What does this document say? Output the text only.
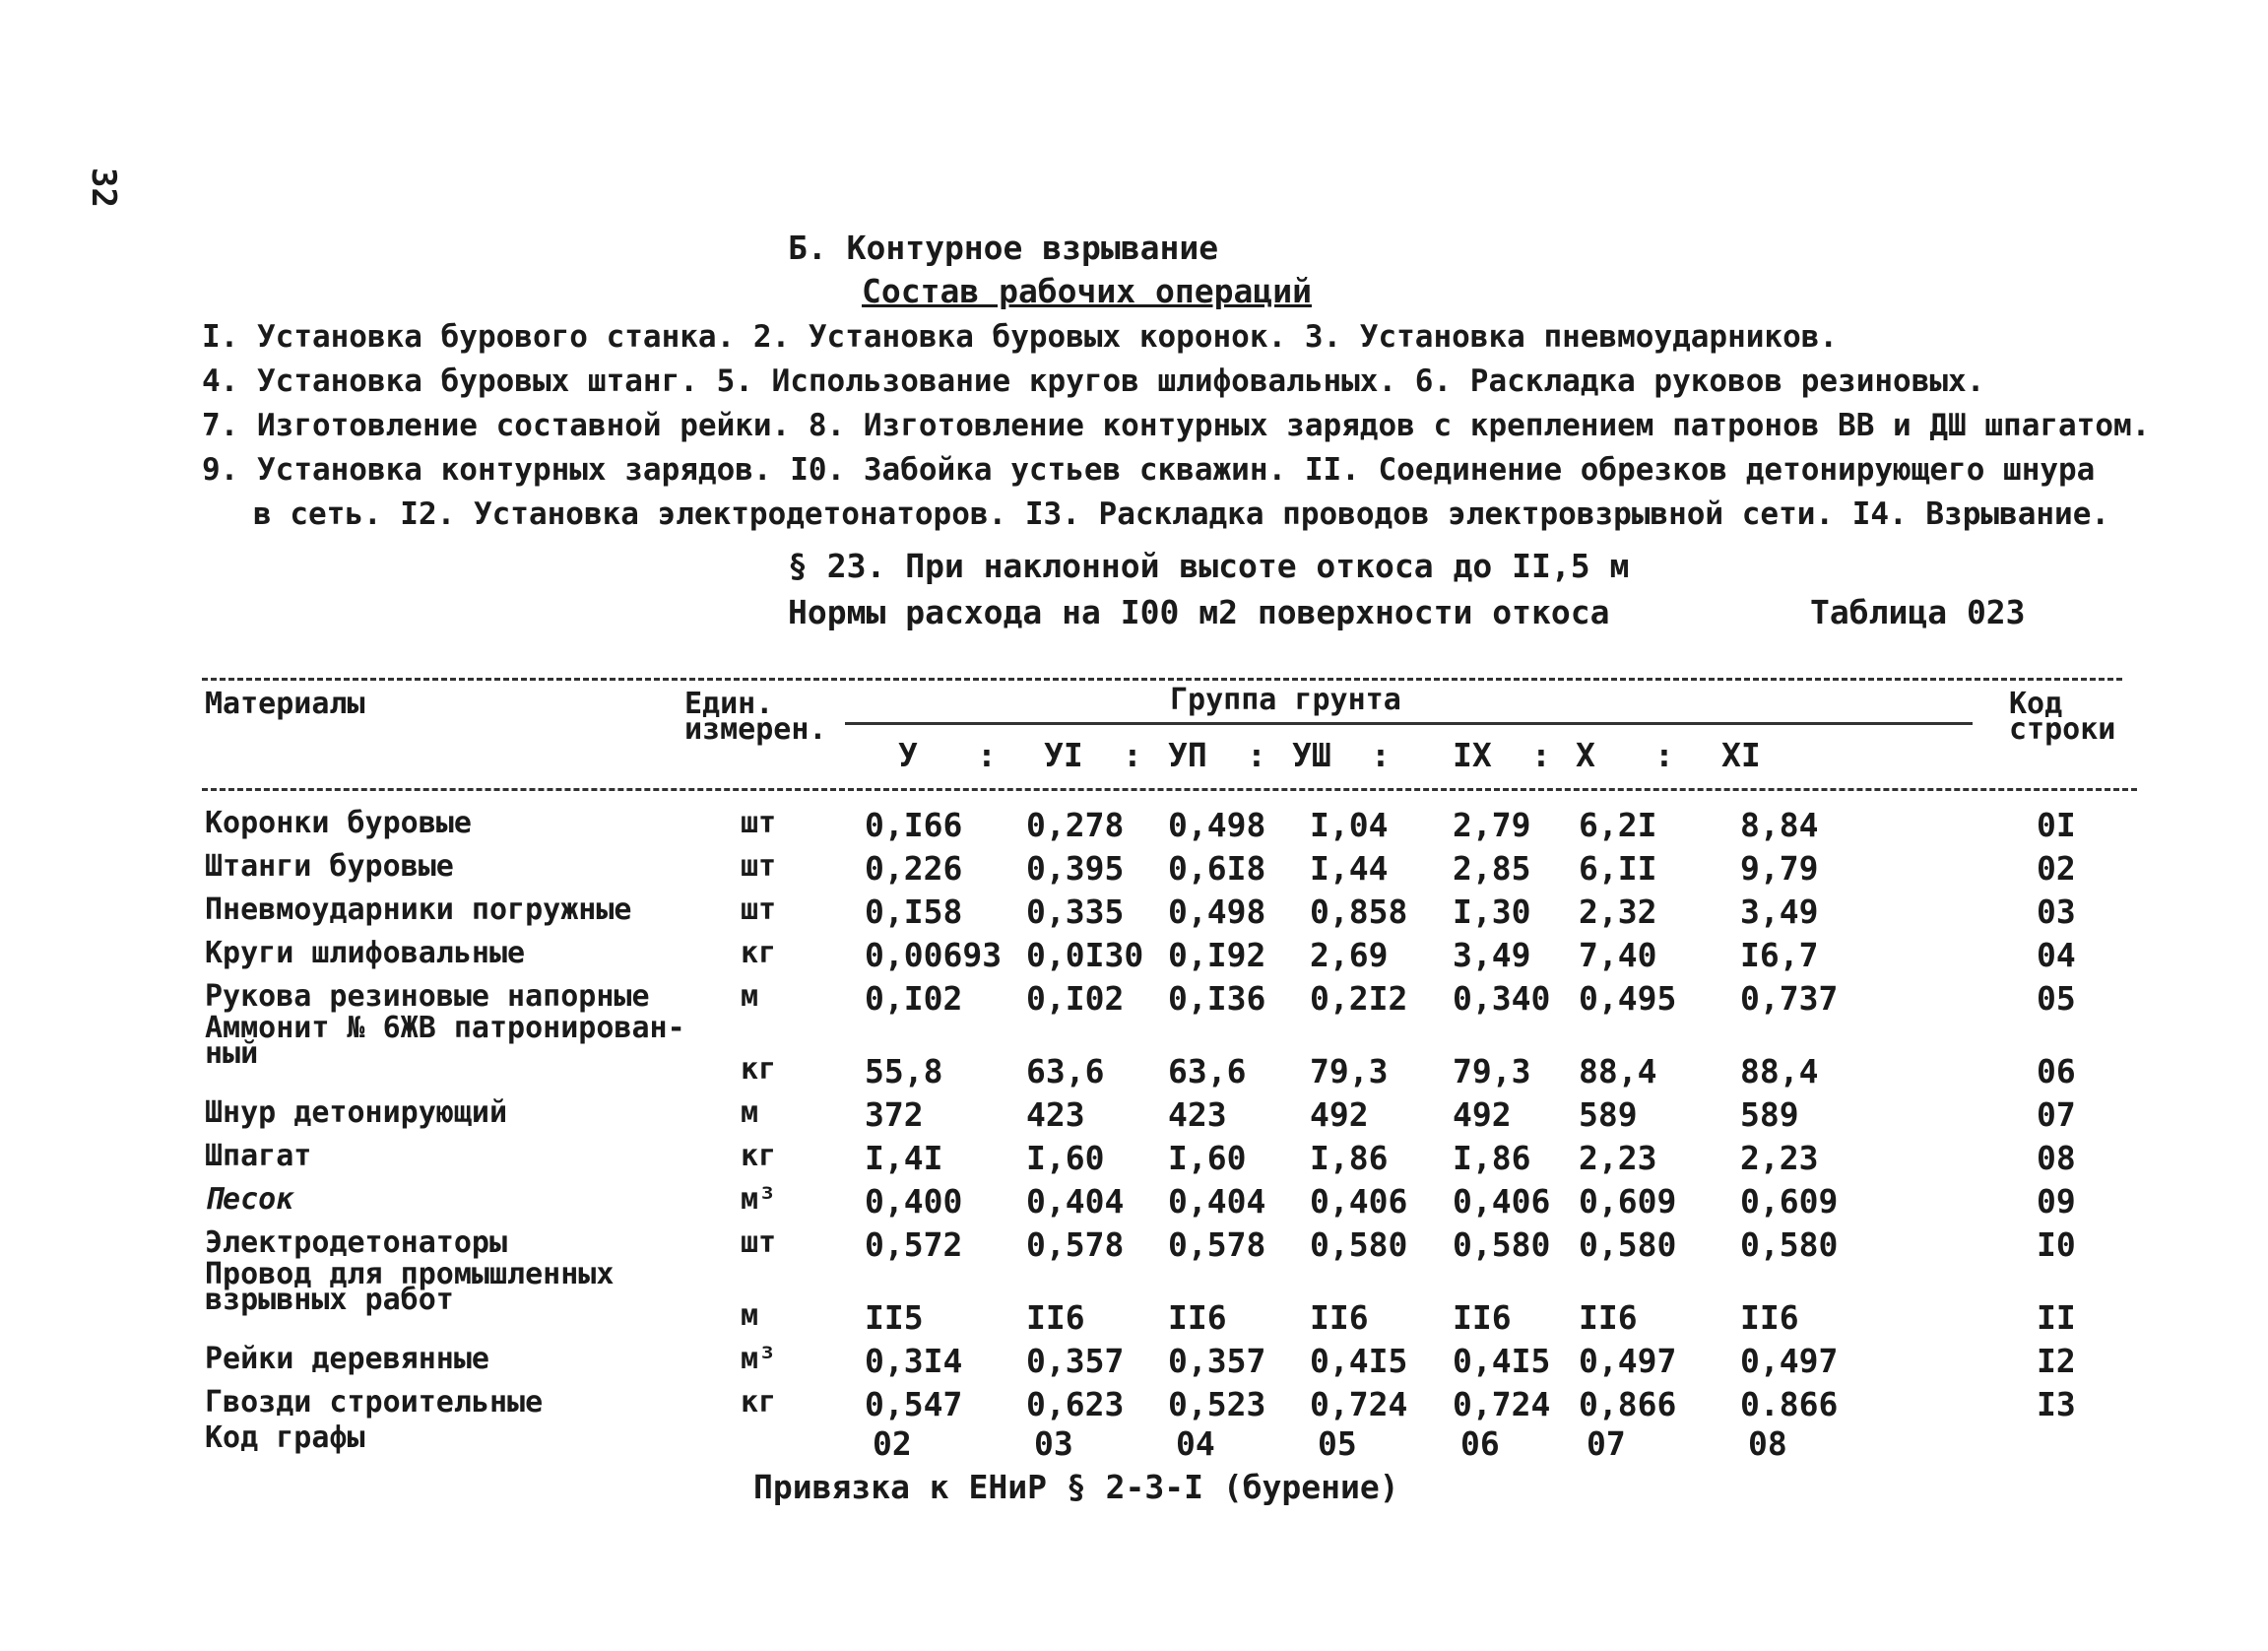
32
Б. Контурное взрывание
Состав рабочих операций
I. Установка бурового станка. 2. Установка буровых коронок. 3. Установка пневмоударников.
4. Установка буровых штанг. 5. Использование кругов шлифовальных. 6. Раскладка руковов резиновых.
7. Изготовление составной рейки. 8. Изготовление контурных зарядов с креплением патронов ВВ и ДШ шпагатом.
9. Установка контурных зарядов. I0. Забойка устьев скважин. II. Соединение обрезков детонирующего шнура
в сеть. I2. Установка электродетонаторов. I3. Раскладка проводов электровзрывной сети. I4. Взрывание.
§ 23. При наклонной высоте откоса до II,5 м
Нормы расхода на I00 м2 поверхности откоса	Таблица 023
Материалы	Един.
измерен.
Группа грунта	Код
строки
У : УI : УП : УШ : IX : X : XI
Коронки буровые	шт	0,I66 0,278 0,498 I,04 2,79 6,2I	8,84	0I
Штанги буровые	шт	0,226 0,395 0,6I8 I,44 2,85 6,II	9,79	02
Пневмоударники погружные	шт	0,I58 0,335 0,498 0,858 I,30 2,32	3,49	03
Круги шлифовальные	кг	0,00693 0,0I30 0,I92 2,69 3,49 7,40	I6,7	04
Рукова резиновые напорные	м	0,I02 0,I02 0,I36 0,2I2 0,340 0,495 0,737	05
Аммонит № 6ЖВ патронирован-
ный	кг	55,8	63,6 63,6 79,3 79,3 88,4	88,4	06
Шнур детонирующий	м	372	423	423	492	492 589	589	07
Шпагат	кг	I,4I	I,60 I,60 I,86 I,86 2,23	2,23	08
Песок	м³	0,400 0,404 0,404 0,406 0,406 0,609 0,609	09
Электродетонаторы	шт	0,572 0,578 0,578 0,580 0,580 0,580 0,580	I0
Провод для промышленных
взрывных работ	м	II5	II6	II6	II6	II6 II6	II6	II
Рейки деревянные	м³	0,3I4 0,357 0,357 0,4I5 0,4I5 0,497 0,497	I2
Гвозди строительные	кг	0,547 0,623 0,523 0,724 0,724 0,866 0.866	I3
Код графы	02	03	04	05	06	07	08
Привязка к ЕНиР § 2-3-I (бурение)
